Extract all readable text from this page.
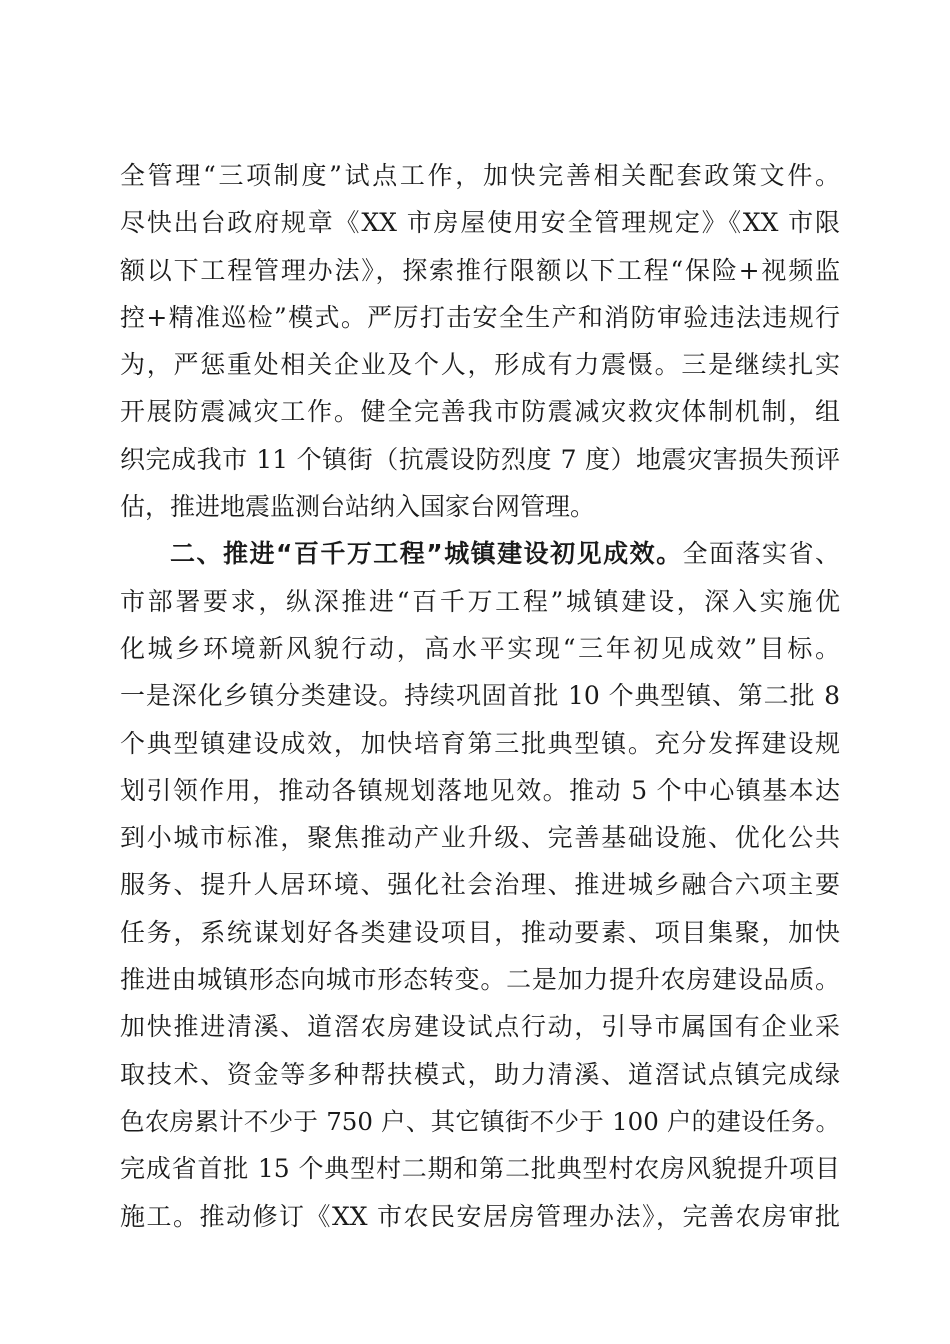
全管理“三项制度”试点工作，加快完善相关配套政策文件。
尽快出台政府规章《XX 市房屋使用安全管理规定》《XX 市限
额以下工程管理办法》，探索推行限额以下工程“保险+视频监
控+精准巡检”模式。严厉打击安全生产和消防审验违法违规行
为，严惩重处相关企业及个人，形成有力震慑。三是继续扎实
开展防震减灾工作。健全完善我市防震减灾救灾体制机制，组
织完成我市 11 个镇街（抗震设防烈度 7 度）地震灾害损失预评
估，推进地震监测台站纳入国家台网管理。
二、推进“百千万工程”城镇建设初见成效。全面落实省、
市部署要求，纵深推进“百千万工程”城镇建设，深入实施优
化城乡环境新风貌行动，高水平实现“三年初见成效”目标。
一是深化乡镇分类建设。持续巩固首批 10 个典型镇、第二批 8
个典型镇建设成效，加快培育第三批典型镇。充分发挥建设规
划引领作用，推动各镇规划落地见效。推动 5 个中心镇基本达
到小城市标准，聚焦推动产业升级、完善基础设施、优化公共
服务、提升人居环境、强化社会治理、推进城乡融合六项主要
任务，系统谋划好各类建设项目，推动要素、项目集聚，加快
推进由城镇形态向城市形态转变。二是加力提升农房建设品质。
加快推进清溪、道滘农房建设试点行动，引导市属国有企业采
取技术、资金等多种帮扶模式，助力清溪、道滘试点镇完成绿
色农房累计不少于 750 户、其它镇街不少于 100 户的建设任务。
完成省首批 15 个典型村二期和第二批典型村农房风貌提升项目
施工。推动修订《XX 市农民安居房管理办法》，完善农房审批
